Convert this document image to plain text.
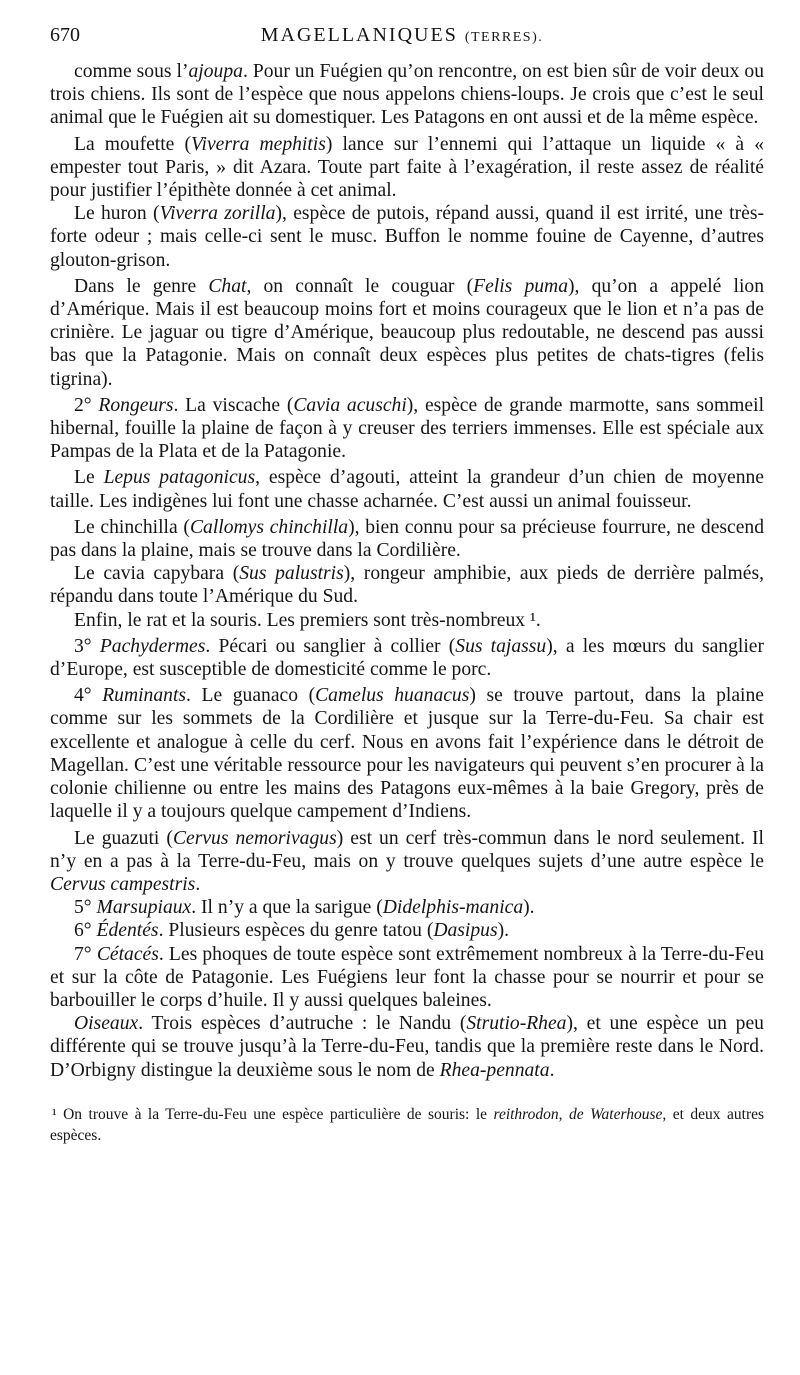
670	MAGELLANIQUES (TERRES).

comme sous l’ajoupa. Pour un Fuégien qu’on rencontre, on est bien sûr de voir deux ou trois chiens. Ils sont de l’espèce que nous appelons chiens-loups. Je crois que c’est le seul animal que le Fuégien ait su domestiquer. Les Patagons en ont aussi et de la même espèce.

La moufette (Viverra mephitis) lance sur l’ennemi qui l’attaque un liquide « à « empester tout Paris, » dit Azara. Toute part faite à l’exagération, il reste assez de réalité pour justifier l’épithète donnée à cet animal.

Le huron (Viverra zorilla), espèce de putois, répand aussi, quand il est irrité, une très-forte odeur ; mais celle-ci sent le musc. Buffon le nomme fouine de Cayenne, d’autres glouton-grison.

Dans le genre Chat, on connaît le couguar (Felis puma), qu’on a appelé lion d’Amérique. Mais il est beaucoup moins fort et moins courageux que le lion et n’a pas de crinière. Le jaguar ou tigre d’Amérique, beaucoup plus redoutable, ne descend pas aussi bas que la Patagonie. Mais on connaît deux espèces plus petites de chats-tigres (felis tigrina).

2° Rongeurs. La viscache (Cavia acuschi), espèce de grande marmotte, sans sommeil hibernal, fouille la plaine de façon à y creuser des terriers immenses. Elle est spéciale aux Pampas de la Plata et de la Patagonie.

Le Lepus patagonicus, espèce d’agouti, atteint la grandeur d’un chien de moyenne taille. Les indigènes lui font une chasse acharnée. C’est aussi un animal fouisseur.

Le chinchilla (Callomys chinchilla), bien connu pour sa précieuse fourrure, ne descend pas dans la plaine, mais se trouve dans la Cordilière.

Le cavia capybara (Sus palustris), rongeur amphibie, aux pieds de derrière palmés, répandu dans toute l’Amérique du Sud.

Enfin, le rat et la souris. Les premiers sont très-nombreux ¹.

3° Pachydermes. Pécari ou sanglier à collier (Sus tajassu), a les mœurs du sanglier d’Europe, est susceptible de domesticité comme le porc.

4° Ruminants. Le guanaco (Camelus huanacus) se trouve partout, dans la plaine comme sur les sommets de la Cordilière et jusque sur la Terre-du-Feu. Sa chair est excellente et analogue à celle du cerf. Nous en avons fait l’expérience dans le détroit de Magellan. C’est une véritable ressource pour les navigateurs qui peuvent s’en procurer à la colonie chilienne ou entre les mains des Patagons eux-mêmes à la baie Gregory, près de laquelle il y a toujours quelque campement d’Indiens.

Le guazuti (Cervus nemorivagus) est un cerf très-commun dans le nord seulement. Il n’y en a pas à la Terre-du-Feu, mais on y trouve quelques sujets d’une autre espèce le Cervus campestris.

5° Marsupiaux. Il n’y a que la sarigue (Didelphis-manica).

6° Édentés. Plusieurs espèces du genre tatou (Dasipus).

7° Cétacés. Les phoques de toute espèce sont extrêmement nombreux à la Terre-du-Feu et sur la côte de Patagonie. Les Fuégiens leur font la chasse pour se nourrir et pour se barbouiller le corps d’huile. Il y aussi quelques baleines.

Oiseaux. Trois espèces d’autruche : le Nandu (Strutio-Rhea), et une espèce un peu différente qui se trouve jusqu’à la Terre-du-Feu, tandis que la première reste dans le Nord. D’Orbigny distingue la deuxième sous le nom de Rhea-pennata.

¹ On trouve à la Terre-du-Feu une espèce particulière de souris: le reithrodon, de Waterhouse, et deux autres espèces.
